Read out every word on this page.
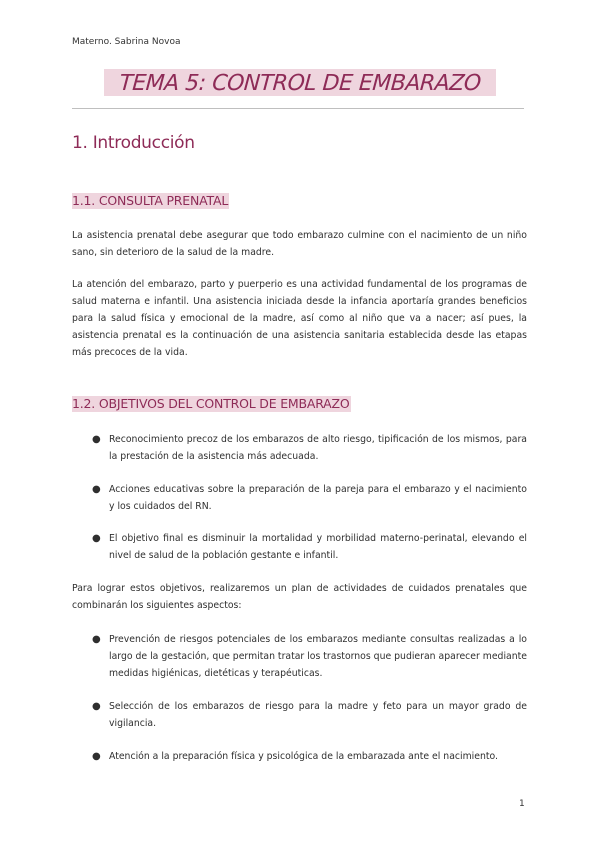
Materno. Sabrina Novoa
TEMA 5: CONTROL DE EMBARAZO
1. Introducción
1.1. CONSULTA PRENATAL
La asistencia prenatal debe asegurar que todo embarazo culmine con el nacimiento de un niño sano, sin deterioro de la salud de la madre.
La atención del embarazo, parto y puerperio es una actividad fundamental de los programas de salud materna e infantil. Una asistencia iniciada desde la infancia aportaría grandes beneficios para la salud física y emocional de la madre, así como al niño que va a nacer; así pues, la asistencia prenatal es la continuación de una asistencia sanitaria establecida desde las etapas más precoces de la vida.
1.2. OBJETIVOS DEL CONTROL DE EMBARAZO
● Reconocimiento precoz de los embarazos de alto riesgo, tipificación de los mismos, para la prestación de la asistencia más adecuada.
● Acciones educativas sobre la preparación de la pareja para el embarazo y el nacimiento y los cuidados del RN.
● El objetivo final es disminuir la mortalidad y morbilidad materno-perinatal, elevando el nivel de salud de la población gestante e infantil.
Para lograr estos objetivos, realizaremos un plan de actividades de cuidados prenatales que combinarán los siguientes aspectos:
● Prevención de riesgos potenciales de los embarazos mediante consultas realizadas a lo largo de la gestación, que permitan tratar los trastornos que pudieran aparecer mediante medidas higiénicas, dietéticas y terapéuticas.
● Selección de los embarazos de riesgo para la madre y feto para un mayor grado de vigilancia.
● Atención a la preparación física y psicológica de la embarazada ante el nacimiento.
1
